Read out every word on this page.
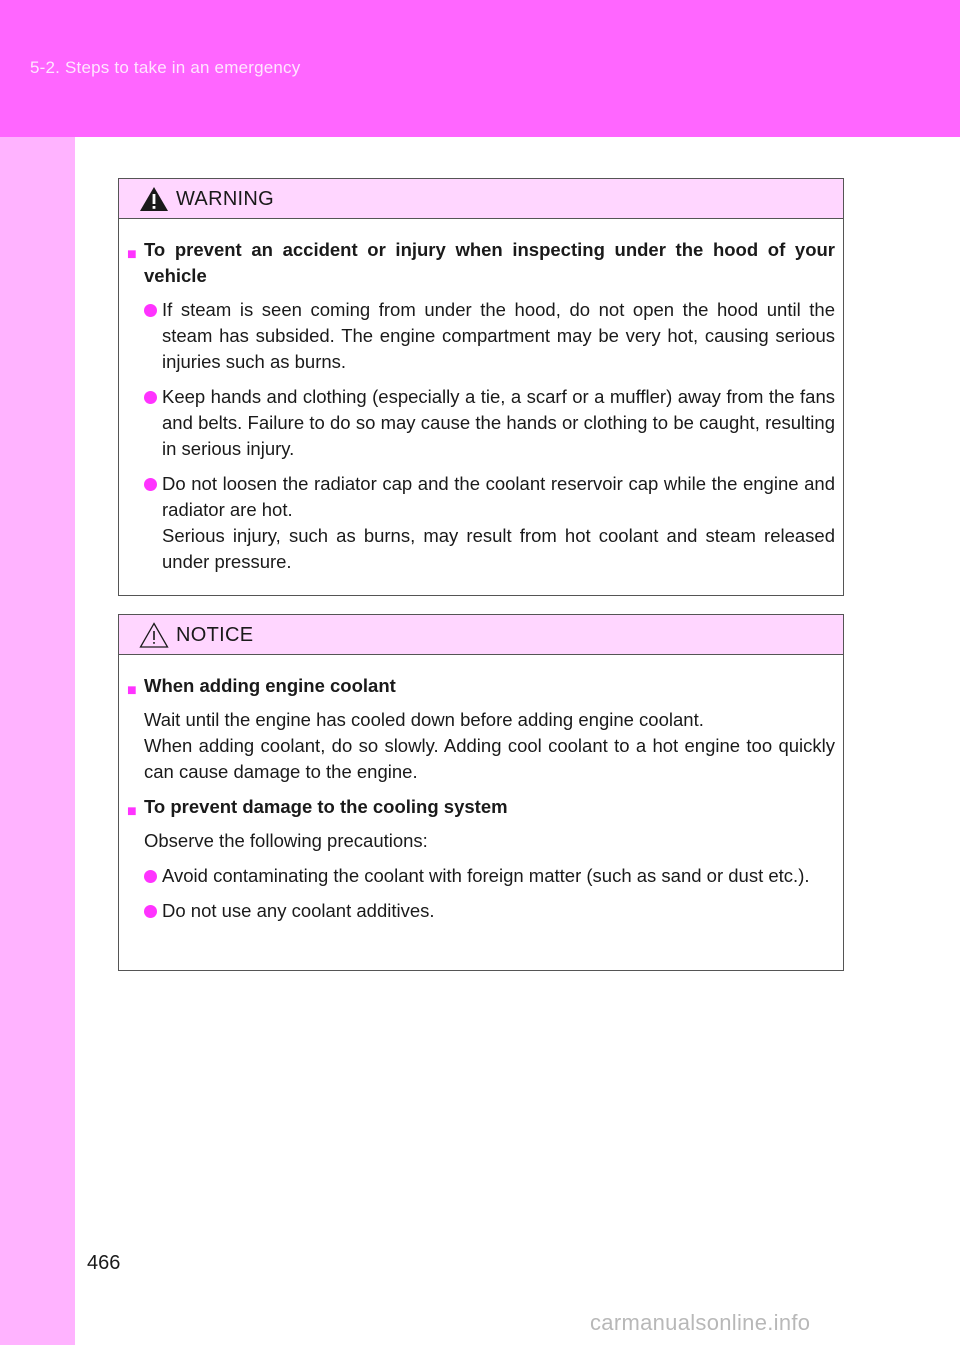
5-2. Steps to take in an emergency
WARNING
■ To prevent an accident or injury when inspecting under the hood of your vehicle
If steam is seen coming from under the hood, do not open the hood until the steam has subsided. The engine compartment may be very hot, causing serious injuries such as burns.
Keep hands and clothing (especially a tie, a scarf or a muffler) away from the fans and belts. Failure to do so may cause the hands or clothing to be caught, resulting in serious injury.
Do not loosen the radiator cap and the coolant reservoir cap while the engine and radiator are hot.
Serious injury, such as burns, may result from hot coolant and steam released under pressure.
NOTICE
■ When adding engine coolant
Wait until the engine has cooled down before adding engine coolant.
When adding coolant, do so slowly. Adding cool coolant to a hot engine too quickly can cause damage to the engine.
■ To prevent damage to the cooling system
Observe the following precautions:
Avoid contaminating the coolant with foreign matter (such as sand or dust etc.).
Do not use any coolant additives.
466
carmanualsonline.info
